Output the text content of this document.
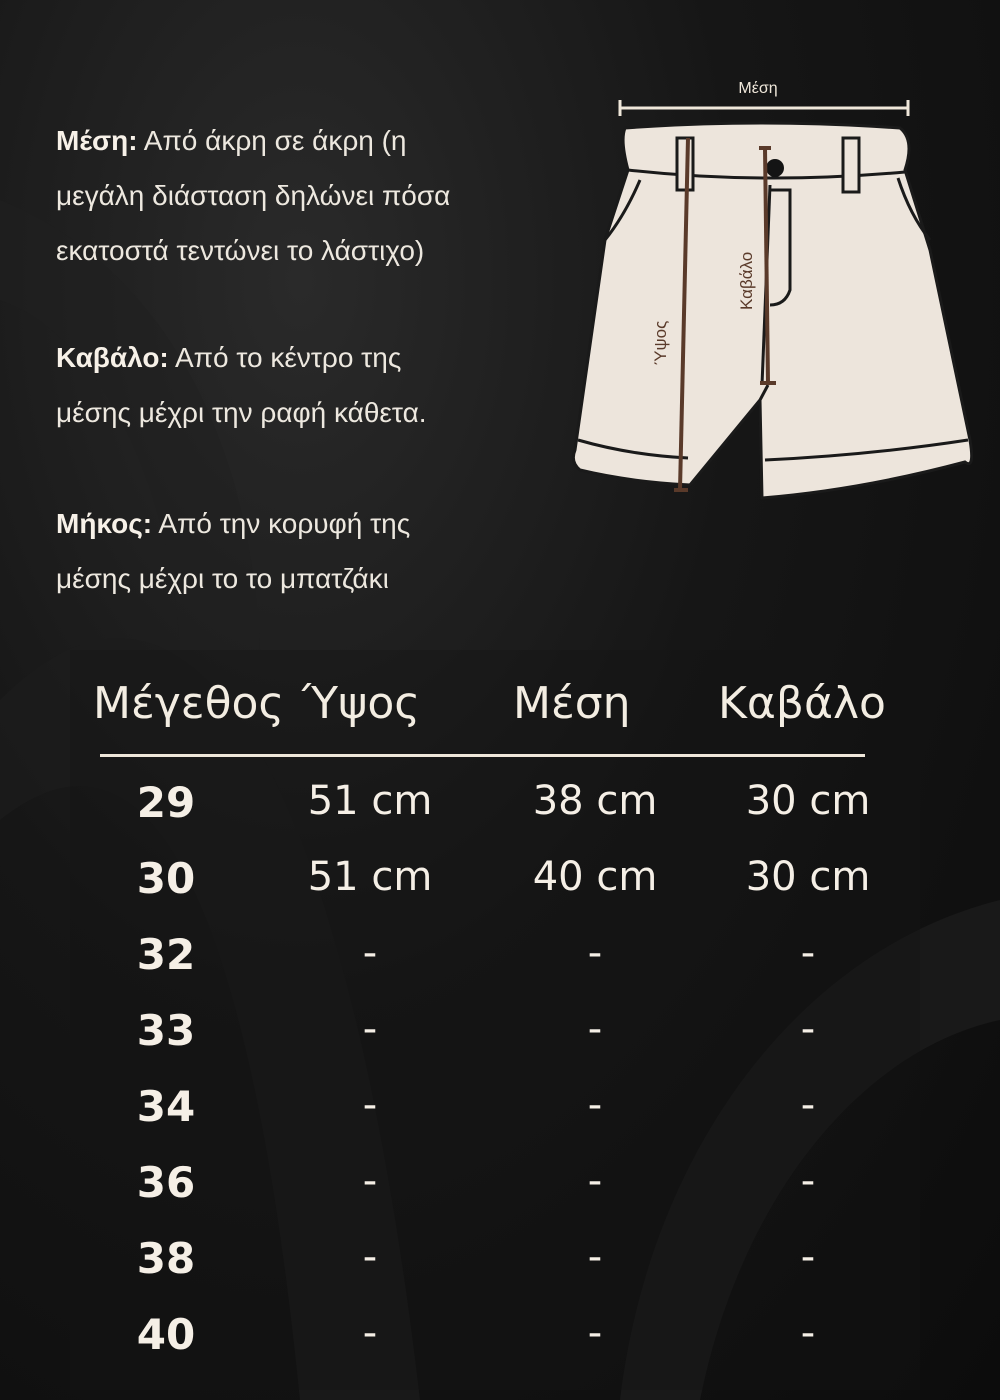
Μέση: Από άκρη σε άκρη (η
μεγάλη διάσταση δηλώνει πόσα
εκατοστά τεντώνει το λάστιχο)
Καβάλο: Από το κέντρο της
μέσης μέχρι την ραφή κάθετα.
Μήκος: Από την κορυφή της
μέσης μέχρι το το μπατζάκι
Μέση
Ύψος
Καβάλο
Μέγεθος Ύψος Μέση Καβάλο
29	51 cm	38 cm 30 cm
30	51 cm	40 cm 30 cm
32	-	-	-
33	-	-	-
34	-	-	-
36	-	-	-
38	-	-	-
40	-	-	-
